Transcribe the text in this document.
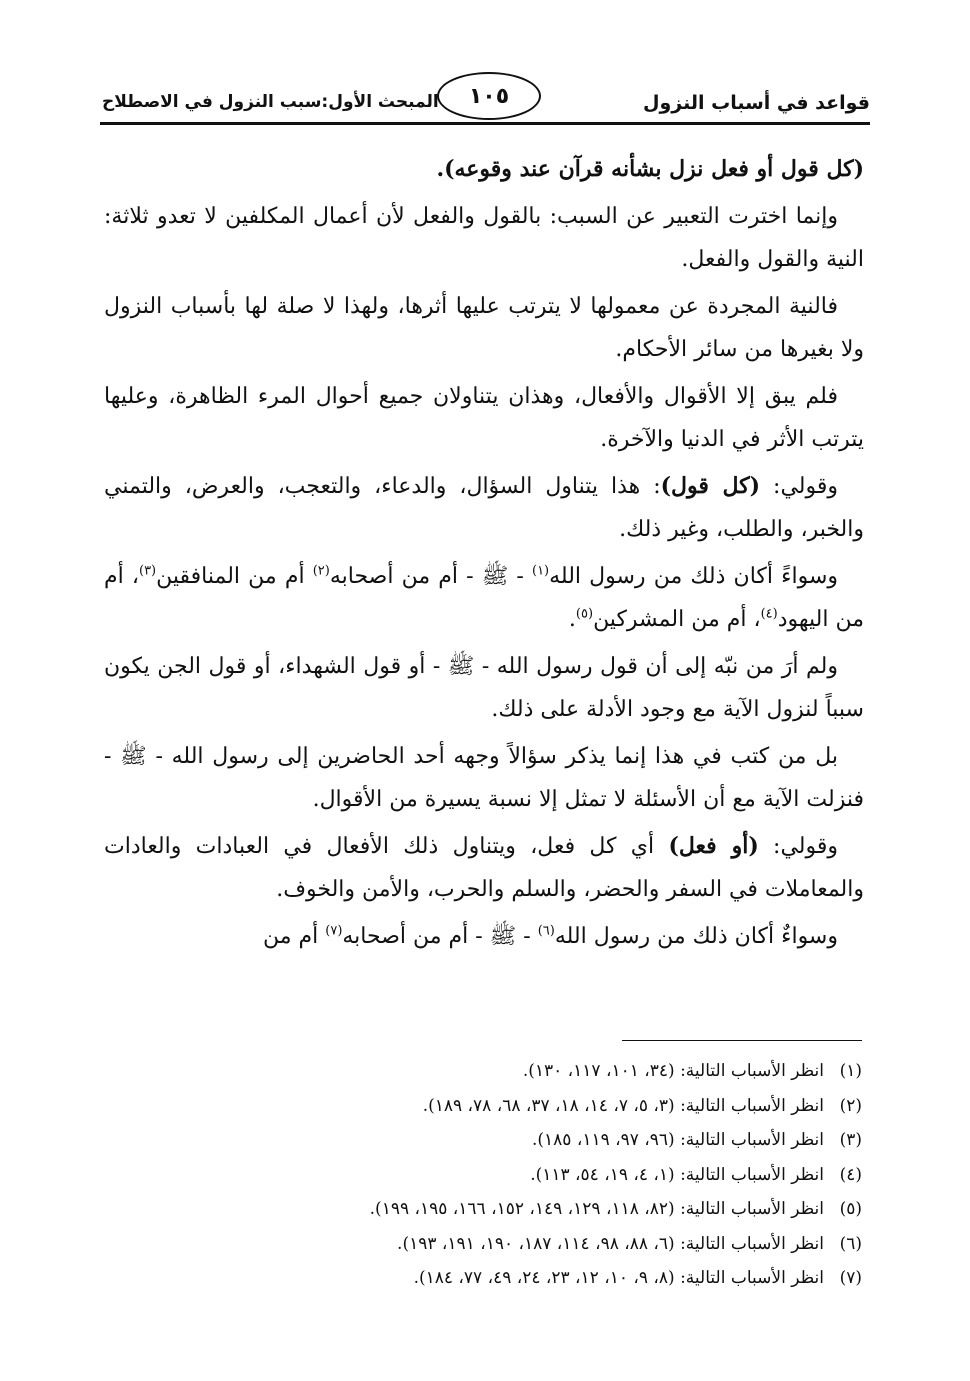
قواعد في أسباب النزول
١٠٥
المبحث الأول:سبب النزول في الاصطلاح

(كل قول أو فعل نزل بشأنه قرآن عند وقوعه).

وإنما اخترت التعبير عن السبب: بالقول والفعل لأن أعمال المكلفين لا تعدو ثلاثة: النية والقول والفعل.

فالنية المجردة عن معمولها لا يترتب عليها أثرها، ولهذا لا صلة لها بأسباب النزول ولا بغيرها من سائر الأحكام.

فلم يبق إلا الأقوال والأفعال، وهذان يتناولان جميع أحوال المرء الظاهرة، وعليها يترتب الأثر في الدنيا والآخرة.

وقولي: (كل قول): هذا يتناول السؤال، والدعاء، والتعجب، والعرض، والتمني والخبر، والطلب، وغير ذلك.

وسواءً أكان ذلك من رسول الله$^{(١)}$ - ﷺ - أم من أصحابه$^{(٢)}$ أم من المنافقين$^{(٣)}$، أم من اليهود$^{(٤)}$، أم من المشركين$^{(٥)}$.

ولم أرَ من نبّه إلى أن قول رسول الله - ﷺ - أو قول الشهداء، أو قول الجن يكون سبباً لنزول الآية مع وجود الأدلة على ذلك.

بل من كتب في هذا إنما يذكر سؤالاً وجهه أحد الحاضرين إلى رسول الله - ﷺ - فنزلت الآية مع أن الأسئلة لا تمثل إلا نسبة يسيرة من الأقوال.

وقولي: (أو فعل) أي كل فعل، ويتناول ذلك الأفعال في العبادات والعادات والمعاملات في السفر والحضر، والسلم والحرب، والأمن والخوف.

وسواءٌ أكان ذلك من رسول الله$^{(٦)}$ - ﷺ - أم من أصحابه$^{(٧)}$ أم من

(١)انظر الأسباب التالية: (٣٤، ١٠١، ١١٧، ١٣٠).
(٢)انظر الأسباب التالية: (٣، ٥، ٧، ١٤، ١٨، ٣٧، ٦٨، ٧٨، ١٨٩).
(٣)انظر الأسباب التالية: (٩٦، ٩٧، ١١٩، ١٨٥).
(٤)انظر الأسباب التالية: (١، ٤، ١٩، ٥٤، ١١٣).
(٥)انظر الأسباب التالية: (٨٢، ١١٨، ١٢٩، ١٤٩، ١٥٢، ١٦٦، ١٩٥، ١٩٩).
(٦)انظر الأسباب التالية: (٦، ٨٨، ٩٨، ١١٤، ١٨٧، ١٩٠، ١٩١، ١٩٣).
(٧)انظر الأسباب التالية: (٨، ٩، ١٠، ١٢، ٢٣، ٢٤، ٤٩، ٧٧، ١٨٤).
